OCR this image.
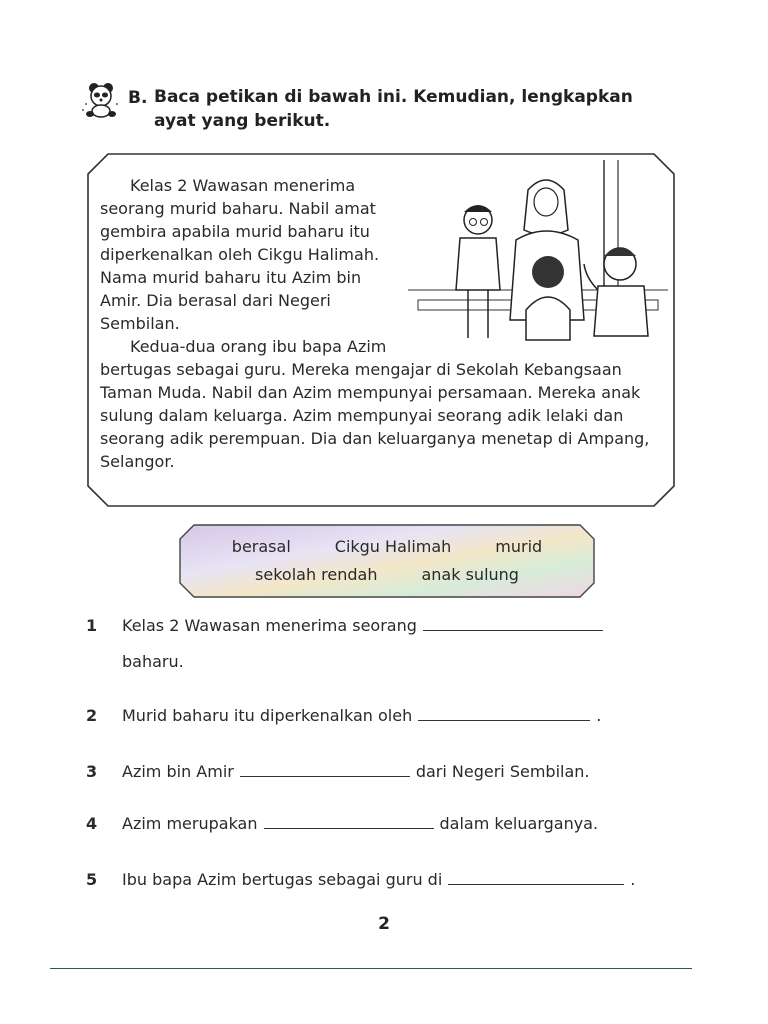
B. Baca petikan di bawah ini. Kemudian, lengkapkan ayat yang berikut.

Kelas 2 Wawasan menerima seorang murid baharu. Nabil amat gembira apabila murid baharu itu diperkenalkan oleh Cikgu Halimah. Nama murid baharu itu Azim bin Amir. Dia berasal dari Negeri Sembilan.

Kedua-dua orang ibu bapa Azim bertugas sebagai guru. Mereka mengajar di Sekolah Kebangsaan Taman Muda. Nabil dan Azim mempunyai persamaan. Mereka anak sulung dalam keluarga. Azim mempunyai seorang adik lelaki dan seorang adik perempuan. Dia dan keluarganya menetap di Ampang, Selangor.

berasal	Cikgu Halimah	murid
sekolah rendah	anak sulung
1	Kelas 2 Wawasan menerima seorang
baharu.
2	Murid baharu itu diperkenalkan oleh	.
3	Azim bin Amir	dari Negeri Sembilan.
4	Azim merupakan	dalam keluarganya.
5	Ibu bapa Azim bertugas sebagai guru di	.
2
